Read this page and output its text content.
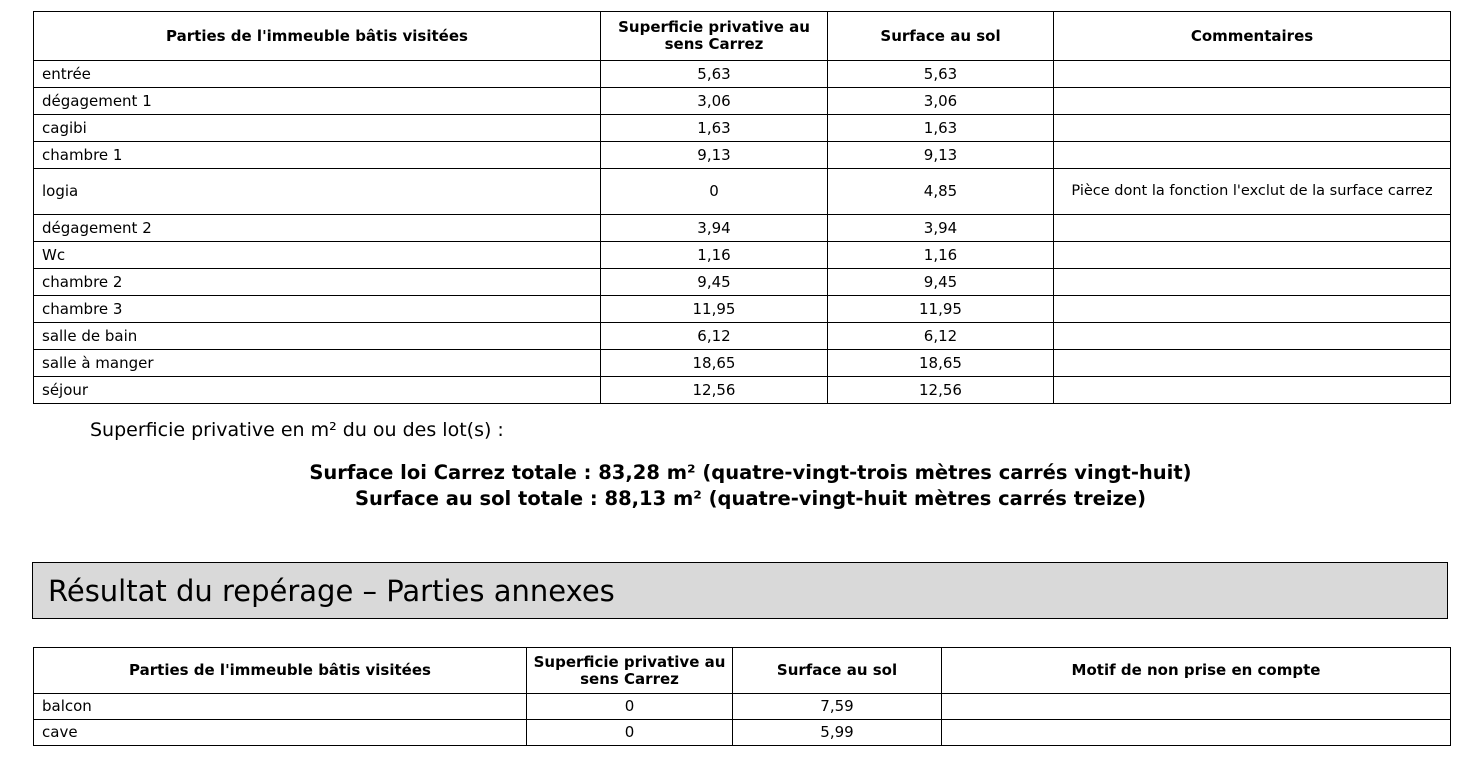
Parties de l'immeuble bâtis visitées	Superficie privative au sens Carrez	Surface au sol	Commentaires
entrée	5,63	5,63	
dégagement 1	3,06	3,06	
cagibi	1,63	1,63	
chambre 1	9,13	9,13	
logia	0	4,85	Pièce dont la fonction l'exclut de la surface carrez
dégagement 2	3,94	3,94	
Wc	1,16	1,16	
chambre 2	9,45	9,45	
chambre 3	11,95	11,95	
salle de bain	6,12	6,12	
salle à manger	18,65	18,65	
séjour	12,56	12,56	

Superficie privative en m² du ou des lot(s) :

Surface loi Carrez totale : 83,28 m² (quatre-vingt-trois mètres carrés vingt-huit)
Surface au sol totale : 88,13 m² (quatre-vingt-huit mètres carrés treize)
Résultat du repérage – Parties annexes
Parties de l'immeuble bâtis visitées	Superficie privative au sens Carrez	Surface au sol	Motif de non prise en compte
balcon	0	7,59	
cave	0	5,99	
